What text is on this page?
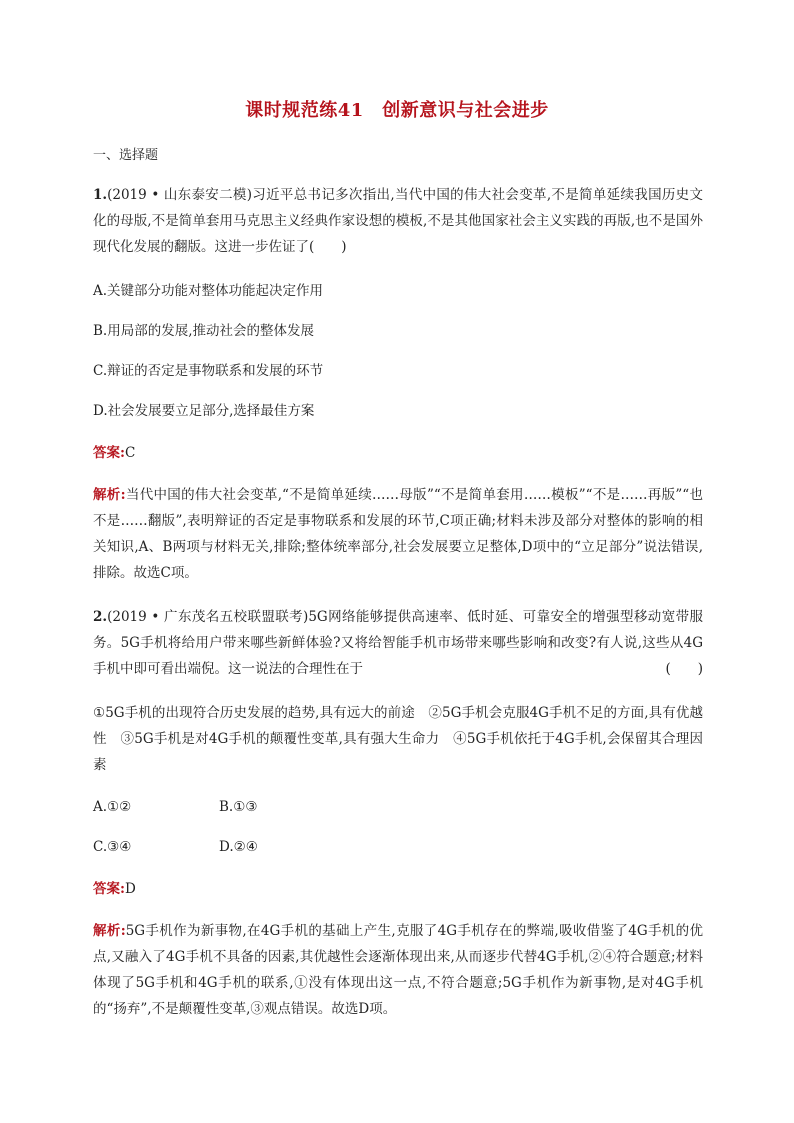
课时规范练41　创新意识与社会进步
一、选择题
1.(2019 • 山东泰安二模)习近平总书记多次指出,当代中国的伟大社会变革,不是简单延续我国历史文化的母版,不是简单套用马克思主义经典作家设想的模板,不是其他国家社会主义实践的再版,也不是国外现代化发展的翻版。这进一步佐证了(　　)
A.关键部分功能对整体功能起决定作用
B.用局部的发展,推动社会的整体发展
C.辩证的否定是事物联系和发展的环节
D.社会发展要立足部分,选择最佳方案
答案:C
解析:当代中国的伟大社会变革,“不是简单延续……母版”“不是简单套用……模板”“不是……再版”“也不是……翻版”,表明辩证的否定是事物联系和发展的环节,C项正确;材料未涉及部分对整体的影响的相关知识,A、B两项与材料无关,排除;整体统率部分,社会发展要立足整体,D项中的“立足部分”说法错误,排除。故选C项。
2.(2019 • 广东茂名五校联盟联考)5G网络能够提供高速率、低时延、可靠安全的增强型移动宽带服务。5G手机将给用户带来哪些新鲜体验?又将给智能手机市场带来哪些影响和改变?有人说,这些从4G手机中即可看出端倪。这一说法的合理性在于	(　　)
①5G手机的出现符合历史发展的趋势,具有远大的前途　②5G手机会克服4G手机不足的方面,具有优越性　③5G手机是对4G手机的颠覆性变革,具有强大生命力　④5G手机依托于4G手机,会保留其合理因素
A.①②	B.①③
C.③④	D.②④
答案:D
解析:5G手机作为新事物,在4G手机的基础上产生,克服了4G手机存在的弊端,吸收借鉴了4G手机的优点,又融入了4G手机不具备的因素,其优越性会逐渐体现出来,从而逐步代替4G手机,②④符合题意;材料体现了5G手机和4G手机的联系,①没有体现出这一点,不符合题意;5G手机作为新事物,是对4G手机的“扬弃”,不是颠覆性变革,③观点错误。故选D项。
